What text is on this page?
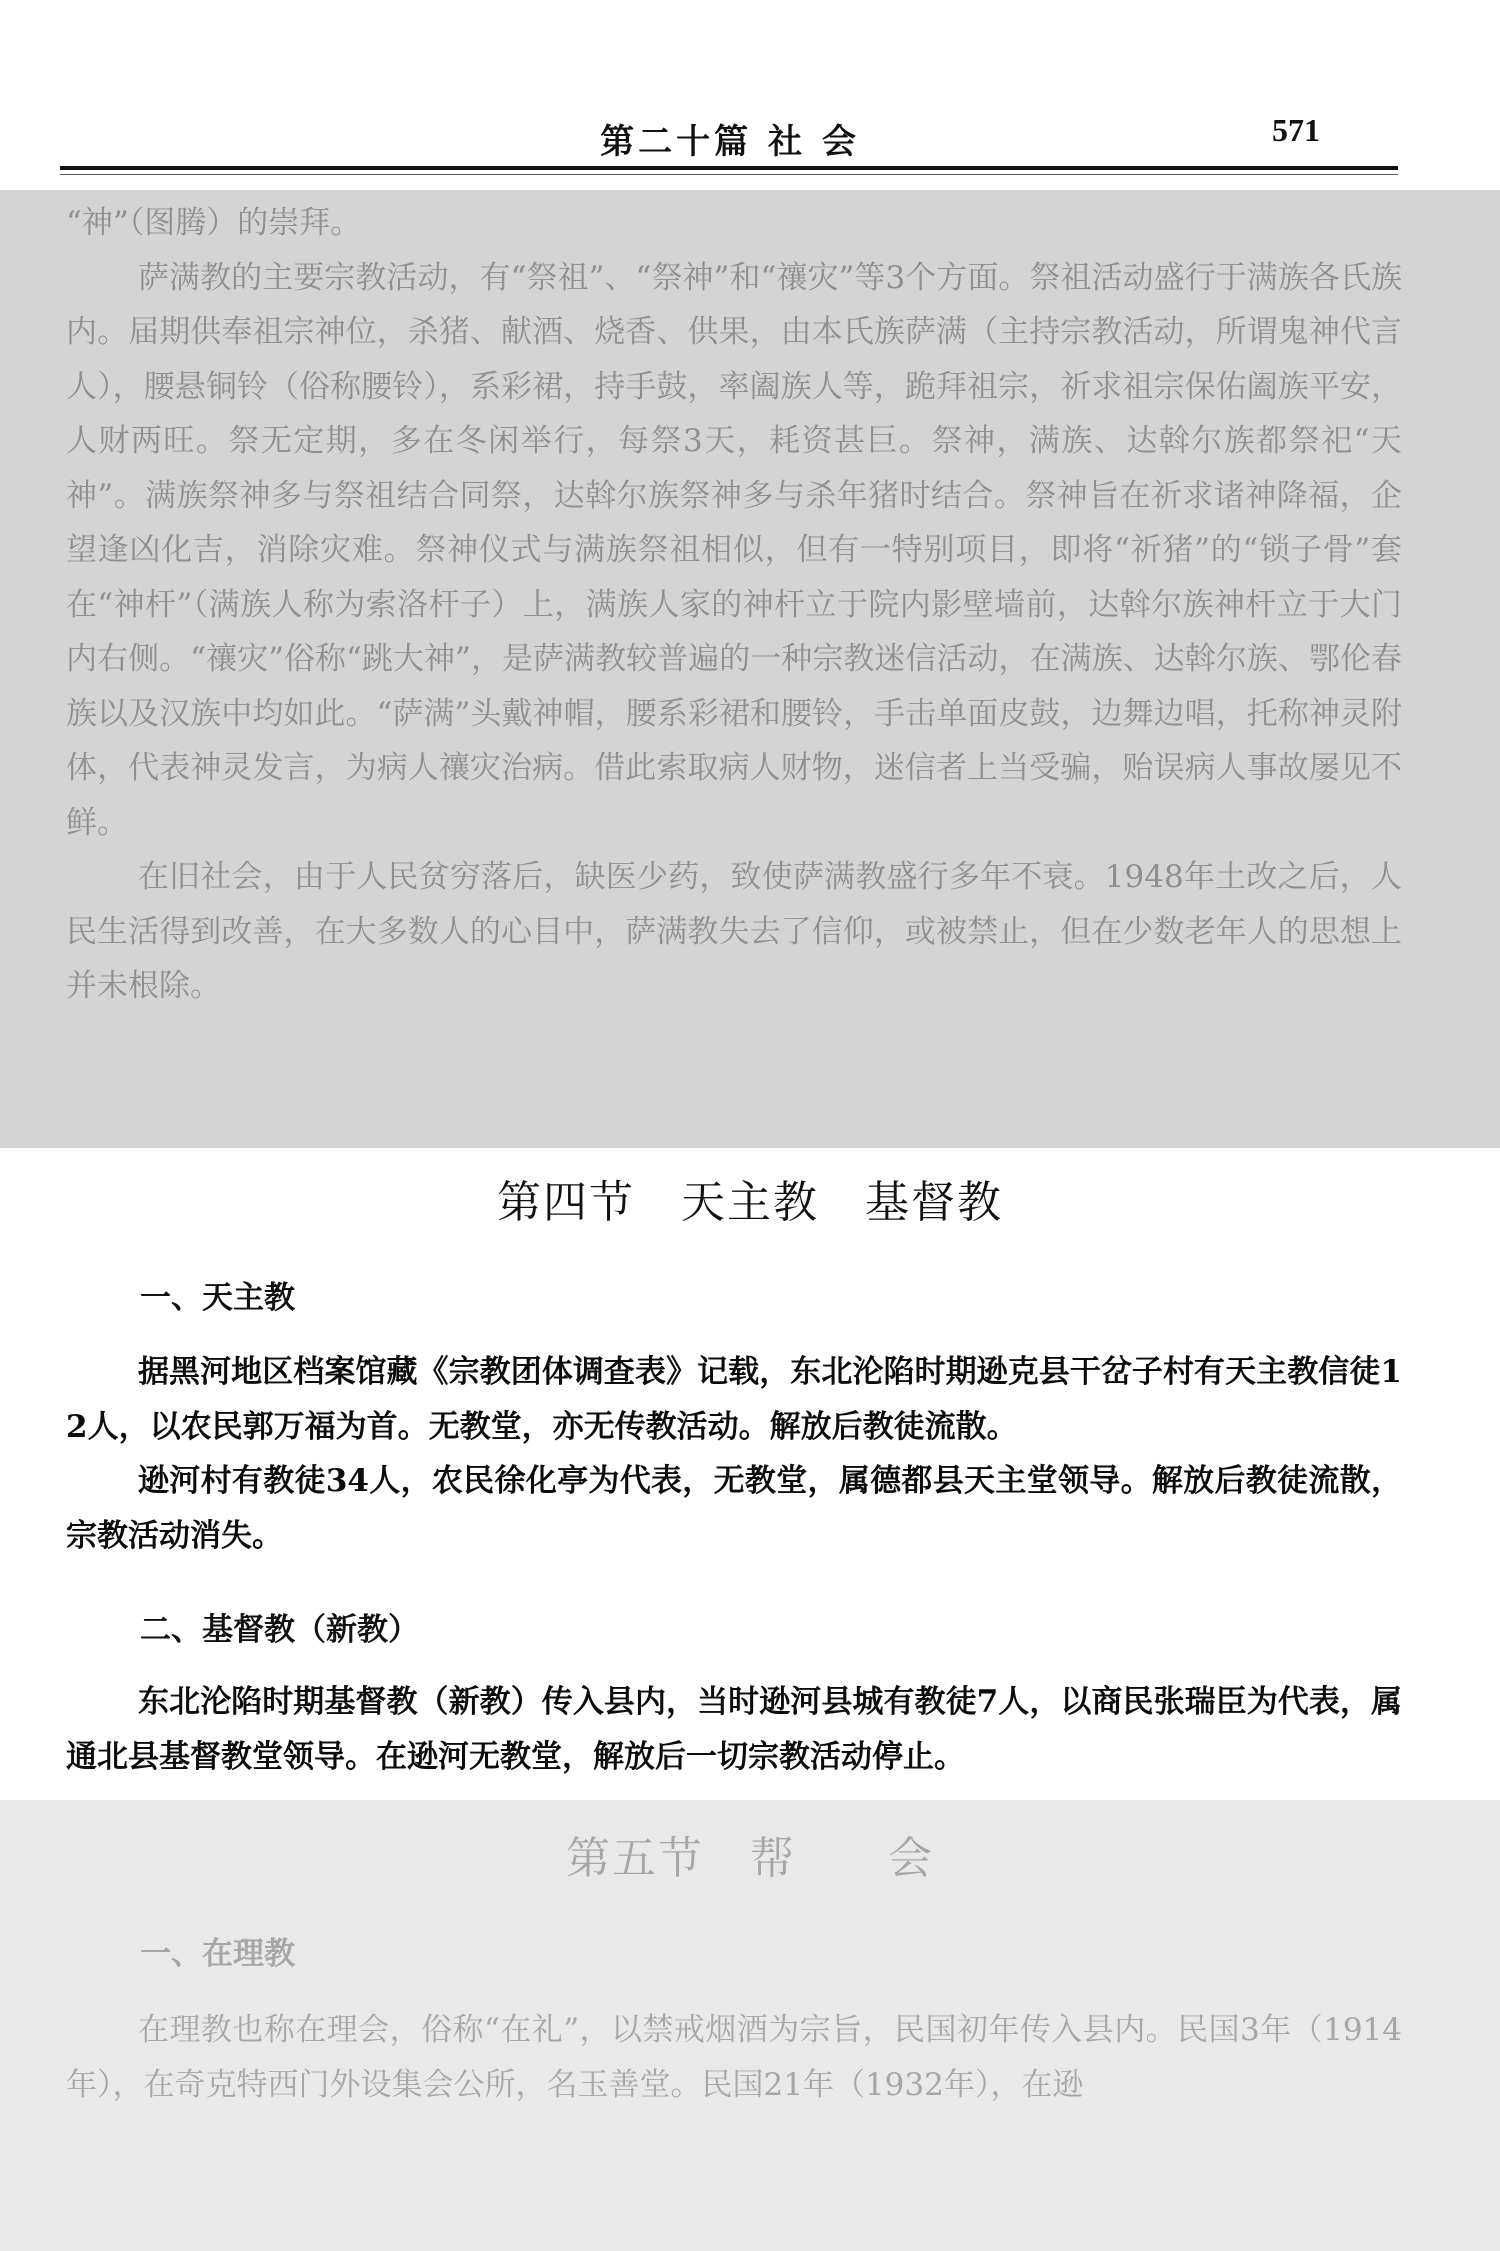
第二十篇 社 会	571

“神”（图腾）的崇拜。

萨满教的主要宗教活动，有“祭祖”、“祭神”和“禳灾”等3个方面。祭祖活动盛行于满族各氏族内。届期供奉祖宗神位，杀猪、献酒、烧香、供果，由本氏族萨满（主持宗教活动，所谓鬼神代言人），腰悬铜铃（俗称腰铃），系彩裙，持手鼓，率阖族人等，跪拜祖宗，祈求祖宗保佑阖族平安，人财两旺。祭无定期，多在冬闲举行，每祭3天，耗资甚巨。祭神，满族、达斡尔族都祭祀“天神”。满族祭神多与祭祖结合同祭，达斡尔族祭神多与杀年猪时结合。祭神旨在祈求诸神降福，企望逢凶化吉，消除灾难。祭神仪式与满族祭祖相似，但有一特别项目，即将“祈猪”的“锁子骨”套在“神杆”（满族人称为索洛杆子）上，满族人家的神杆立于院内影壁墙前，达斡尔族神杆立于大门内右侧。“禳灾”俗称“跳大神”，是萨满教较普遍的一种宗教迷信活动，在满族、达斡尔族、鄂伦春族以及汉族中均如此。“萨满”头戴神帽，腰系彩裙和腰铃，手击单面皮鼓，边舞边唱，托称神灵附体，代表神灵发言，为病人禳灾治病。借此索取病人财物，迷信者上当受骗，贻误病人事故屡见不鲜。

在旧社会，由于人民贫穷落后，缺医少药，致使萨满教盛行多年不衰。1948年土改之后，人民生活得到改善，在大多数人的心目中，萨满教失去了信仰，或被禁止，但在少数老年人的思想上并未根除。

第四节　天主教　基督教
一、天主教

据黑河地区档案馆藏《宗教团体调查表》记载，东北沦陷时期逊克县干岔子村有天主教信徒12人，以农民郭万福为首。无教堂，亦无传教活动。解放后教徒流散。

逊河村有教徒34人，农民徐化亭为代表，无教堂，属德都县天主堂领导。解放后教徒流散，宗教活动消失。

二、基督教（新教）

东北沦陷时期基督教（新教）传入县内，当时逊河县城有教徒7人，以商民张瑞臣为代表，属通北县基督教堂领导。在逊河无教堂，解放后一切宗教活动停止。

第五节　帮　　会
一、在理教

在理教也称在理会，俗称“在礼”，以禁戒烟酒为宗旨，民国初年传入县内。民国3年（1914年），在奇克特西门外设集会公所，名玉善堂。民国21年（1932年），在逊
